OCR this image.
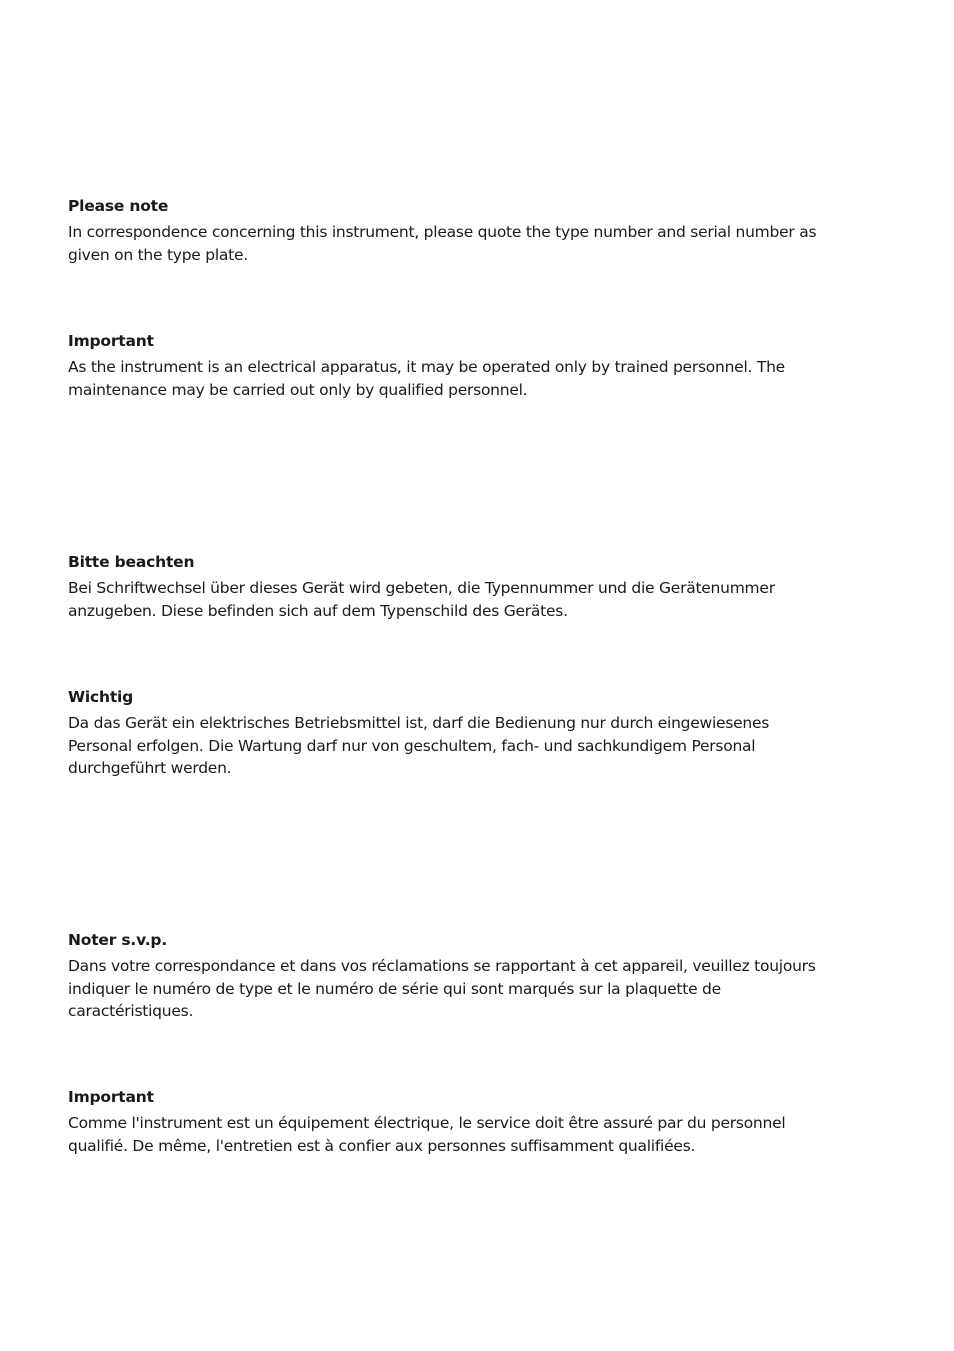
Please note

In correspondence concerning this instrument, please quote the type number and serial number as
given on the type plate.

Important

As the instrument is an electrical apparatus, it may be operated only by trained personnel. The
maintenance may be carried out only by qualified personnel.

Bitte beachten

Bei Schriftwechsel über dieses Gerät wird gebeten, die Typennummer und die Gerätenummer
anzugeben. Diese befinden sich auf dem Typenschild des Gerätes.

Wichtig

Da das Gerät ein elektrisches Betriebsmittel ist, darf die Bedienung nur durch eingewiesenes
Personal erfolgen. Die Wartung darf nur von geschultem, fach- und sachkundigem Personal
durchgeführt werden.

Noter s.v.p.

Dans votre correspondance et dans vos réclamations se rapportant à cet appareil, veuillez toujours
indiquer le numéro de type et le numéro de série qui sont marqués sur la plaquette de
caractéristiques.

Important

Comme l'instrument est un équipement électrique, le service doit être assuré par du personnel
qualifié. De même, l'entretien est à confier aux personnes suffisamment qualifiées.
